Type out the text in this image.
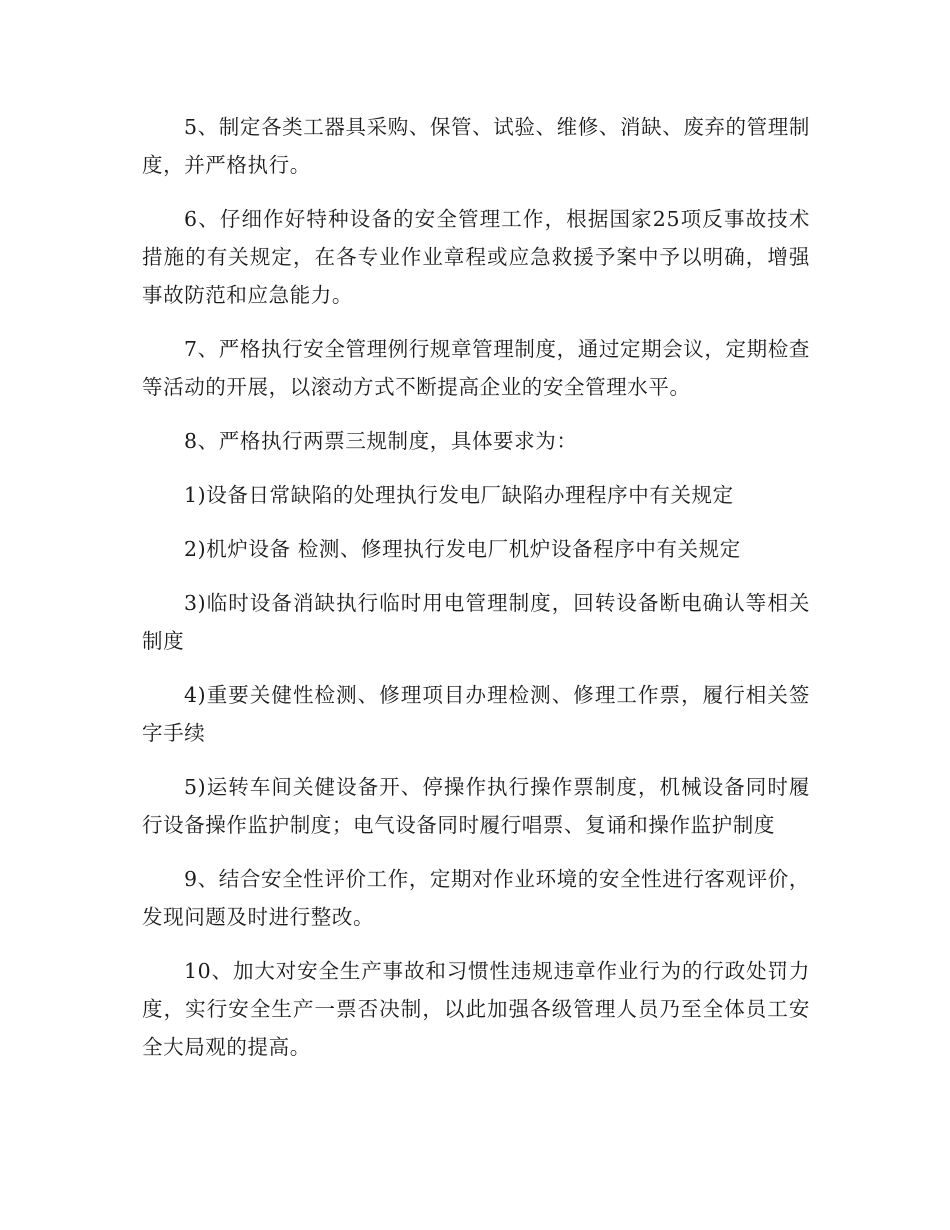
5、制定各类工器具采购、保管、试验、维修、消缺、废弃的管理制度，并严格执行。

6、仔细作好特种设备的安全管理工作，根据国家25项反事故技术措施的有关规定，在各专业作业章程或应急救援予案中予以明确，增强事故防范和应急能力。

7、严格执行安全管理例行规章管理制度，通过定期会议，定期检查等活动的开展，以滚动方式不断提高企业的安全管理水平。

8、严格执行两票三规制度，具体要求为：

1)设备日常缺陷的处理执行发电厂缺陷办理程序中有关规定

2)机炉设备 检测、修理执行发电厂机炉设备程序中有关规定

3)临时设备消缺执行临时用电管理制度，回转设备断电确认等相关制度

4)重要关健性检测、修理项目办理检测、修理工作票，履行相关签字手续

5)运转车间关健设备开、停操作执行操作票制度，机械设备同时履行设备操作监护制度；电气设备同时履行唱票、复诵和操作监护制度

9、结合安全性评价工作，定期对作业环境的安全性进行客观评价，发现问题及时进行整改。

10、加大对安全生产事故和习惯性违规违章作业行为的行政处罚力度，实行安全生产一票否决制，以此加强各级管理人员乃至全体员工安全大局观的提高。
